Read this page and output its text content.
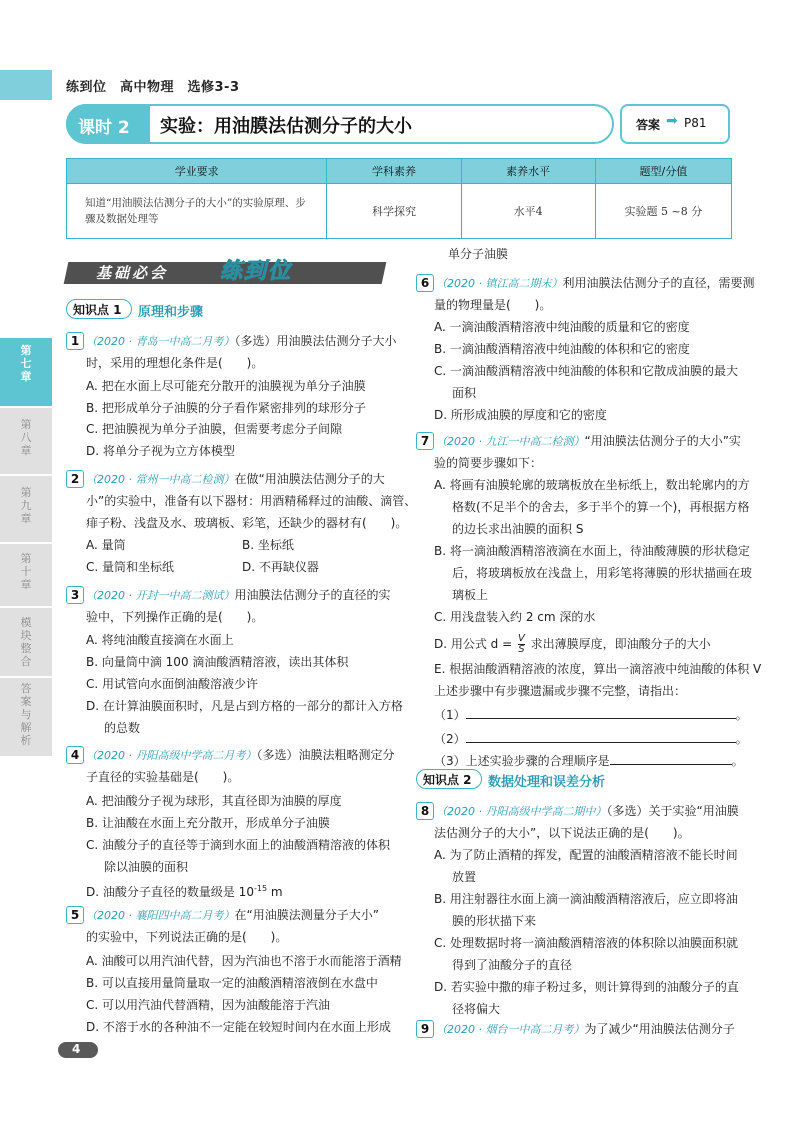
练到位　高中物理　选修3-3
课时 2 实验：用油膜法估测分子的大小	答案 ➡ P81
学业要求	学科素养	素养水平	题型/分值
知道“用油膜法估测分子的大小”的实验原理、步骤及数据处理等	科学探究	水平4	实验题 5 ~8 分
第七章
第八章
第九章
第十章
模块整合
答案与解析
基础必会 练到位
知识点 1 原理和步骤
1 （2020 · 青岛一中高二月考）（多选）用油膜法估测分子大小
时，采用的理想化条件是(　　)。
A. 把在水面上尽可能充分散开的油膜视为单分子油膜
B. 把形成单分子油膜的分子看作紧密排列的球形分子
C. 把油膜视为单分子油膜，但需要考虑分子间隙
D. 将单分子视为立方体模型
2 （2020 · 常州一中高二检测）在做“用油膜法估测分子的大
小”的实验中，准备有以下器材：用酒精稀释过的油酸、滴管、
痱子粉、浅盘及水、玻璃板、彩笔，还缺少的器材有(　　)。
A. 量筒	B. 坐标纸
C. 量筒和坐标纸	D. 不再缺仪器
3 （2020 · 开封一中高二测试）用油膜法估测分子的直径的实
验中，下列操作正确的是(　　)。
A. 将纯油酸直接滴在水面上
B. 向量筒中滴 100 滴油酸酒精溶液，读出其体积
C. 用试管向水面倒油酸溶液少许
D. 在计算油膜面积时，凡是占到方格的一部分的都计入方格
的总数
4 （2020 · 丹阳高级中学高二月考）（多选）油膜法粗略测定分
子直径的实验基础是(　　)。
A. 把油酸分子视为球形，其直径即为油膜的厚度
B. 让油酸在水面上充分散开，形成单分子油膜
C. 油酸分子的直径等于滴到水面上的油酸酒精溶液的体积
除以油膜的面积
D. 油酸分子直径的数量级是 $10^{-15}$ m
5 （2020 · 襄阳四中高二月考）在“用油膜法测量分子大小”
的实验中，下列说法正确的是(　　)。
A. 油酸可以用汽油代替，因为汽油也不溶于水而能溶于酒精
B. 可以直接用量筒量取一定的油酸酒精溶液倒在水盘中
C. 可以用汽油代替酒精，因为油酸能溶于汽油
D. 不溶于水的各种油不一定能在较短时间内在水面上形成
单分子油膜
6 （2020 · 镇江高二期末）利用油膜法估测分子的直径，需要测
量的物理量是(　　)。
A. 一滴油酸酒精溶液中纯油酸的质量和它的密度
B. 一滴油酸酒精溶液中纯油酸的体积和它的密度
C. 一滴油酸酒精溶液中纯油酸的体积和它散成油膜的最大
面积
D. 所形成油膜的厚度和它的密度
7 （2020 · 九江一中高二检测）“用油膜法估测分子的大小”实
验的简要步骤如下：
A. 将画有油膜轮廓的玻璃板放在坐标纸上，数出轮廓内的方
格数(不足半个的舍去，多于半个的算一个)，再根据方格
的边长求出油膜的面积 S
B. 将一滴油酸酒精溶液滴在水面上，待油酸薄膜的形状稳定
后，将玻璃板放在浅盘上，用彩笔将薄膜的形状描画在玻
璃板上
C. 用浅盘装入约 2 cm 深的水
D. 用公式 $d = \frac{V}{S}$ 求出薄膜厚度，即油酸分子的大小
E. 根据油酸酒精溶液的浓度，算出一滴溶液中纯油酸的体积 V
上述步骤中有步骤遗漏或步骤不完整，请指出：
（1）	。
（2）	。
（3）上述实验步骤的合理顺序是	。
知识点 2 数据处理和误差分析
8 （2020 · 丹阳高级中学高二期中）（多选）关于实验“用油膜
法估测分子的大小”，以下说法正确的是(　　)。
A. 为了防止酒精的挥发，配置的油酸酒精溶液不能长时间
放置
B. 用注射器往水面上滴一滴油酸酒精溶液后，应立即将油
膜的形状描下来
C. 处理数据时将一滴油酸酒精溶液的体积除以油膜面积就
得到了油酸分子的直径
D. 若实验中撒的痱子粉过多，则计算得到的油酸分子的直
径将偏大
9 （2020 · 烟台一中高二月考）为了减少“用油膜法估测分子
4
